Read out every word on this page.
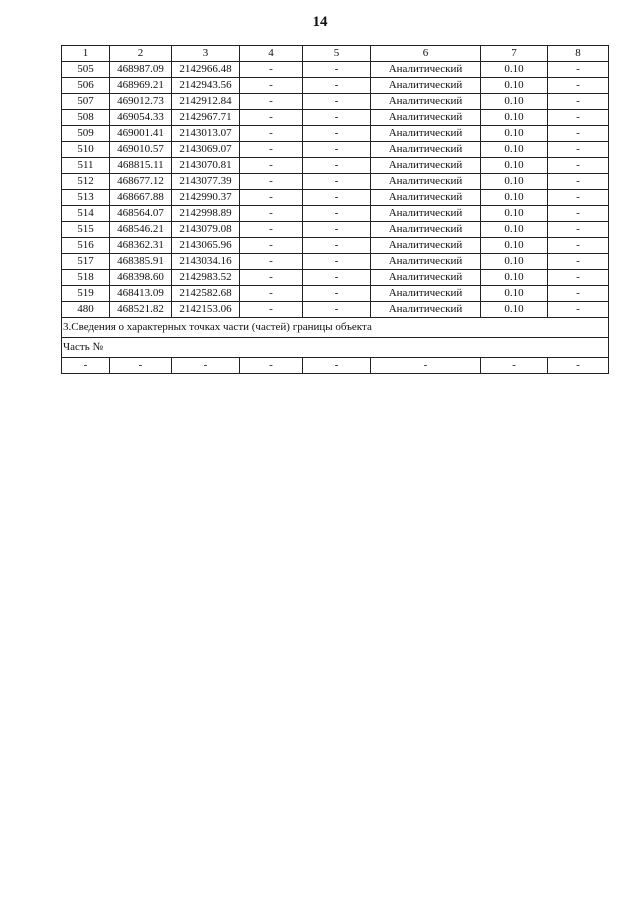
14
1	2	3	4	5	6	7	8
505	468987.09	2142966.48	-	-	Аналитический	0.10	-
506	468969.21	2142943.56	-	-	Аналитический	0.10	-
507	469012.73	2142912.84	-	-	Аналитический	0.10	-
508	469054.33	2142967.71	-	-	Аналитический	0.10	-
509	469001.41	2143013.07	-	-	Аналитический	0.10	-
510	469010.57	2143069.07	-	-	Аналитический	0.10	-
511	468815.11	2143070.81	-	-	Аналитический	0.10	-
512	468677.12	2143077.39	-	-	Аналитический	0.10	-
513	468667.88	2142990.37	-	-	Аналитический	0.10	-
514	468564.07	2142998.89	-	-	Аналитический	0.10	-
515	468546.21	2143079.08	-	-	Аналитический	0.10	-
516	468362.31	2143065.96	-	-	Аналитический	0.10	-
517	468385.91	2143034.16	-	-	Аналитический	0.10	-
518	468398.60	2142983.52	-	-	Аналитический	0.10	-
519	468413.09	2142582.68	-	-	Аналитический	0.10	-
480	468521.82	2142153.06	-	-	Аналитический	0.10	-
3.Сведения о характерных точках части (частей) границы объекта							
Часть №							
-	-	-	-	-	-	-	-
